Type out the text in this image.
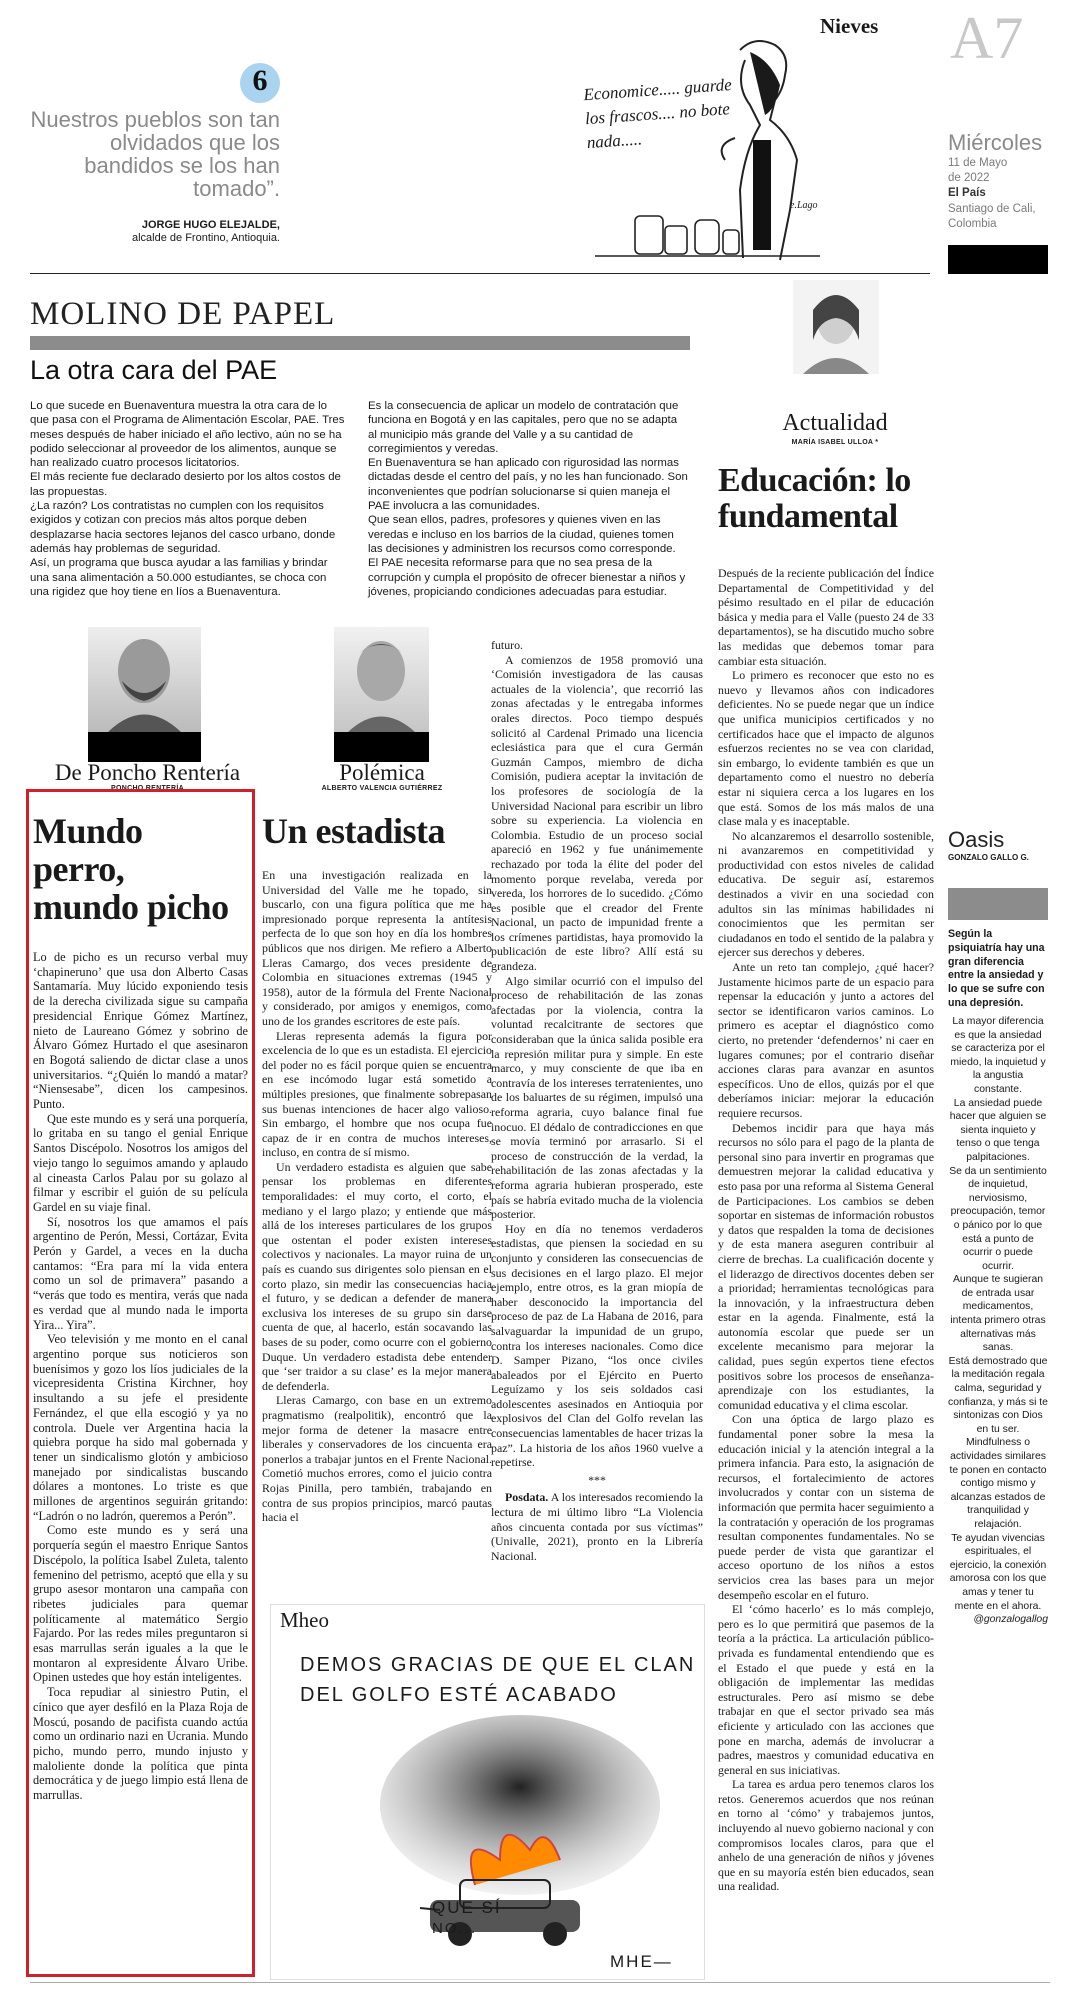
6
Nuestros pueblos son tan olvidados que los bandidos se los han tomado”.
JORGE HUGO ELEJALDE,
alcalde de Frontino, Antioquia.
Nieves
Economice..... guarde los frascos.... no bote nada.....
e.Lago
A7
Miércoles
11 de Mayo
de 2022
El País
Santiago de Cali,
Colombia
MOLINO DE PAPEL
La otra cara del PAE
Lo que sucede en Buenaventura muestra la otra cara de lo que pasa con el Programa de Alimentación Escolar, PAE. Tres meses después de haber iniciado el año lectivo, aún no se ha podido seleccionar al proveedor de los alimentos, aunque se han realizado cuatro procesos licitatorios.
El más reciente fue declarado desierto por los altos costos de las propuestas.
¿La razón? Los contratistas no cumplen con los requisitos exigidos y cotizan con precios más altos porque deben desplazarse hacia sectores lejanos del casco urbano, donde además hay problemas de seguridad.
Así, un programa que busca ayudar a las familias y brindar una sana alimentación a 50.000 estudiantes, se choca con una rigidez que hoy tiene en líos a Buenaventura.
Es la consecuencia de aplicar un modelo de contratación que funciona en Bogotá y en las capitales, pero que no se adapta al municipio más grande del Valle y a su cantidad de corregimientos y veredas.
En Buenaventura se han aplicado con rigurosidad las normas dictadas desde el centro del país, y no les han funcionado. Son inconvenientes que podrían solucionarse si quien maneja el PAE involucra a las comunidades.
Que sean ellos, padres, profesores y quienes viven en las veredas e incluso en los barrios de la ciudad, quienes tomen las decisiones y administren los recursos como corresponde.
El PAE necesita reformarse para que no sea presa de la corrupción y cumpla el propósito de ofrecer bienestar a niños y jóvenes, propiciando condiciones adecuadas para estudiar.
De Poncho Rentería
PONCHO RENTERÍA
Mundo
perro,
mundo picho

Lo de picho es un recurso verbal muy ‘chapineruno’ que usa don Alberto Casas Santamaría. Muy lúcido exponiendo tesis de la derecha civilizada sigue su campaña presidencial Enrique Gómez Martínez, nieto de Laureano Gómez y sobrino de Álvaro Gómez Hurtado el que asesinaron en Bogotá saliendo de dictar clase a unos universitarios. “¿Quién lo mandó a matar? “Niensesabe”, dicen los campesinos. Punto.

Que este mundo es y será una porquería, lo gritaba en su tango el genial Enrique Santos Discépolo. Nosotros los amigos del viejo tango lo seguimos amando y aplaudo al cineasta Carlos Palau por su golazo al filmar y escribir el guión de su película Gardel en su viaje final.

Sí, nosotros los que amamos el país argentino de Perón, Messi, Cortázar, Evita Perón y Gardel, a veces en la ducha cantamos: “Era para mí la vida entera como un sol de primavera” pasando a “verás que todo es mentira, verás que nada es verdad que al mundo nada le importa Yira... Yira”.

Veo televisión y me monto en el canal argentino porque sus noticieros son buenísimos y gozo los líos judiciales de la vicepresidenta Cristina Kirchner, hoy insultando a su jefe el presidente Fernández, el que ella escogió y ya no controla. Duele ver Argentina hacia la quiebra porque ha sido mal gobernada y tener un sindicalismo glotón y ambicioso manejado por sindicalistas buscando dólares a montones. Lo triste es que millones de argentinos seguirán gritando: “Ladrón o no ladrón, queremos a Perón”.

Como este mundo es y será una porquería según el maestro Enrique Santos Discépolo, la política Isabel Zuleta, talento femenino del petrismo, aceptó que ella y su grupo asesor montaron una campaña con ribetes judiciales para quemar políticamente al matemático Sergio Fajardo. Por las redes miles preguntaron si esas marrullas serán iguales a la que le montaron al expresidente Álvaro Uribe. Opinen ustedes que hoy están inteligentes.

Toca repudiar al siniestro Putin, el cínico que ayer desfiló en la Plaza Roja de Moscú, posando de pacifista cuando actúa como un ordinario nazi en Ucrania. Mundo picho, mundo perro, mundo injusto y maloliente donde la política que pinta democrática y de juego limpio está llena de marrullas.

Polémica
ALBERTO VALENCIA GUTIÉRREZ
Un estadista

En una investigación realizada en la Universidad del Valle me he topado, sin buscarlo, con una figura política que me ha impresionado porque representa la antítesis perfecta de lo que son hoy en día los hombres públicos que nos dirigen. Me refiero a Alberto Lleras Camargo, dos veces presidente de Colombia en situaciones extremas (1945 y 1958), autor de la fórmula del Frente Nacional y considerado, por amigos y enemigos, como uno de los grandes escritores de este país.

Lleras representa además la figura por excelencia de lo que es un estadista. El ejercicio del poder no es fácil porque quien se encuentra en ese incómodo lugar está sometido a múltiples presiones, que finalmente sobrepasan sus buenas intenciones de hacer algo valioso. Sin embargo, el hombre que nos ocupa fue capaz de ir en contra de muchos intereses, incluso, en contra de sí mismo.

Un verdadero estadista es alguien que sabe pensar los problemas en diferentes temporalidades: el muy corto, el corto, el mediano y el largo plazo; y entiende que más allá de los intereses particulares de los grupos que ostentan el poder existen intereses colectivos y nacionales. La mayor ruina de un país es cuando sus dirigentes solo piensan en el corto plazo, sin medir las consecuencias hacia el futuro, y se dedican a defender de manera exclusiva los intereses de su grupo sin darse cuenta de que, al hacerlo, están socavando las bases de su poder, como ocurre con el gobierno Duque. Un verdadero estadista debe entender que ‘ser traidor a su clase’ es la mejor manera de defenderla.

Lleras Camargo, con base en un extremo pragmatismo (realpolitik), encontró que la mejor forma de detener la masacre entre liberales y conservadores de los cincuenta era ponerlos a trabajar juntos en el Frente Nacional. Cometió muchos errores, como el juicio contra Rojas Pinilla, pero también, trabajando en contra de sus propios principios, marcó pautas hacia el

futuro.

A comienzos de 1958 promovió una ‘Comisión investigadora de las causas actuales de la violencia’, que recorrió las zonas afectadas y le entregaba informes orales directos. Poco tiempo después solicitó al Cardenal Primado una licencia eclesiástica para que el cura Germán Guzmán Campos, miembro de dicha Comisión, pudiera aceptar la invitación de los profesores de sociología de la Universidad Nacional para escribir un libro sobre su experiencia. La violencia en Colombia. Estudio de un proceso social apareció en 1962 y fue unánimemente rechazado por toda la élite del poder del momento porque revelaba, vereda por vereda, los horrores de lo sucedido. ¿Cómo es posible que el creador del Frente Nacional, un pacto de impunidad frente a los crímenes partidistas, haya promovido la publicación de este libro? Allí está su grandeza.

Algo similar ocurrió con el impulso del proceso de rehabilitación de las zonas afectadas por la violencia, contra la voluntad recalcitrante de sectores que consideraban que la única salida posible era la represión militar pura y simple. En este marco, y muy consciente de que iba en contravía de los intereses terratenientes, uno de los baluartes de su régimen, impulsó una reforma agraria, cuyo balance final fue inocuo. El dédalo de contradicciones en que se movía terminó por arrasarlo. Si el proceso de construcción de la verdad, la rehabilitación de las zonas afectadas y la reforma agraria hubieran prosperado, este país se habría evitado mucha de la violencia posterior.

Hoy en día no tenemos verdaderos estadistas, que piensen la sociedad en su conjunto y consideren las consecuencias de sus decisiones en el largo plazo. El mejor ejemplo, entre otros, es la gran miopía de haber desconocido la importancia del proceso de paz de La Habana de 2016, para salvaguardar la impunidad de un grupo, contra los intereses nacionales. Como dice D. Samper Pizano, “los once civiles abaleados por el Ejército en Puerto Leguízamo y los seis soldados casi adolescentes asesinados en Antioquia por explosivos del Clan del Golfo revelan las consecuencias lamentables de hacer trizas la paz”. La historia de los años 1960 vuelve a repetirse.

***

Posdata. A los interesados recomiendo la lectura de mi último libro “La Violencia años cincuenta contada por sus víctimas” (Univalle, 2021), pronto en la Librería Nacional.

Mheo
DEMOS GRACIAS DE QUE EL CLAN
DEL GOLFO ESTÉ ACABADO
QUE SÍ
NO...
MHE—
Actualidad
MARÍA ISABEL ULLOA *
Educación: lo
fundamental

Después de la reciente publicación del Índice Departamental de Competitividad y del pésimo resultado en el pilar de educación básica y media para el Valle (puesto 24 de 33 departamentos), se ha discutido mucho sobre las medidas que debemos tomar para cambiar esta situación.

Lo primero es reconocer que esto no es nuevo y llevamos años con indicadores deficientes. No se puede negar que un índice que unifica municipios certificados y no certificados hace que el impacto de algunos esfuerzos recientes no se vea con claridad, sin embargo, lo evidente también es que un departamento como el nuestro no debería estar ni siquiera cerca a los lugares en los que está. Somos de los más malos de una clase mala y es inaceptable.

No alcanzaremos el desarrollo sostenible, ni avanzaremos en competitividad y productividad con estos niveles de calidad educativa. De seguir así, estaremos destinados a vivir en una sociedad con adultos sin las mínimas habilidades ni conocimientos que les permitan ser ciudadanos en todo el sentido de la palabra y ejercer sus derechos y deberes.

Ante un reto tan complejo, ¿qué hacer? Justamente hicimos parte de un espacio para repensar la educación y junto a actores del sector se identificaron varios caminos. Lo primero es aceptar el diagnóstico como cierto, no pretender ‘defendernos’ ni caer en lugares comunes; por el contrario diseñar acciones claras para avanzar en asuntos específicos. Uno de ellos, quizás por el que deberíamos iniciar: mejorar la educación requiere recursos.

Debemos incidir para que haya más recursos no sólo para el pago de la planta de personal sino para invertir en programas que demuestren mejorar la calidad educativa y esto pasa por una reforma al Sistema General de Participaciones. Los cambios se deben soportar en sistemas de información robustos y datos que respalden la toma de decisiones y de esta manera aseguren contribuir al cierre de brechas. La cualificación docente y el liderazgo de directivos docentes deben ser a prioridad; herramientas tecnológicas para la innovación, y la infraestructura deben estar en la agenda. Finalmente, está la autonomía escolar que puede ser un excelente mecanismo para mejorar la calidad, pues según expertos tiene efectos positivos sobre los procesos de enseñanza-aprendizaje con los estudiantes, la comunidad educativa y el clima escolar.

Con una óptica de largo plazo es fundamental poner sobre la mesa la educación inicial y la atención integral a la primera infancia. Para esto, la asignación de recursos, el fortalecimiento de actores involucrados y contar con un sistema de información que permita hacer seguimiento a la contratación y operación de los programas resultan componentes fundamentales. No se puede perder de vista que garantizar el acceso oportuno de los niños a estos servicios crea las bases para un mejor desempeño escolar en el futuro.

El ‘cómo hacerlo’ es lo más complejo, pero es lo que permitirá que pasemos de la teoría a la práctica. La articulación público-privada es fundamental entendiendo que es el Estado el que puede y está en la obligación de implementar las medidas estructurales. Pero así mismo se debe trabajar en que el sector privado sea más eficiente y articulado con las acciones que pone en marcha, además de involucrar a padres, maestros y comunidad educativa en general en sus iniciativas.

La tarea es ardua pero tenemos claros los retos. Generemos acuerdos que nos reúnan en torno al ‘cómo’ y trabajemos juntos, incluyendo al nuevo gobierno nacional y con compromisos locales claros, para que el anhelo de una generación de niños y jóvenes que en su mayoría estén bien educados, sean una realidad.

Oasis
GONZALO GALLO G.
Según la psiquiatría hay una gran diferencia entre la ansiedad y lo que se sufre con una depresión.

La mayor diferencia es que la ansiedad se caracteriza por el miedo, la inquietud y la angustia constante.

La ansiedad puede hacer que alguien se sienta inquieto y tenso o que tenga palpitaciones.

Se da un sentimiento de inquietud, nerviosismo, preocupación, temor o pánico por lo que está a punto de ocurrir o puede ocurrir.

Aunque te sugieran de entrada usar medicamentos, intenta primero otras alternativas más sanas.

Está demostrado que la meditación regala calma, seguridad y confianza, y más si te sintonizas con Dios en tu ser.

Mindfulness o actividades similares te ponen en contacto contigo mismo y alcanzas estados de tranquilidad y relajación.

Te ayudan vivencias espirituales, el ejercicio, la conexión amorosa con los que amas y tener tu mente en el ahora.

@gonzalogallog
